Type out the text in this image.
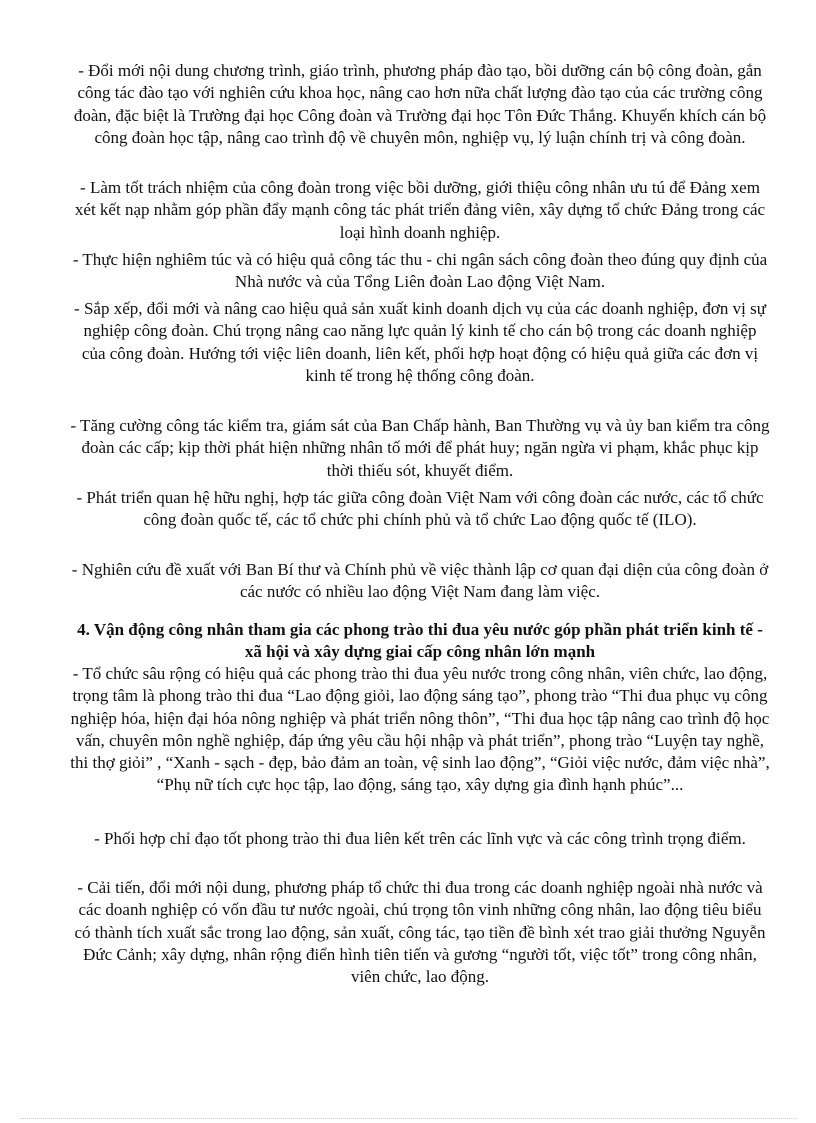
- Đổi mới nội dung chương trình, giáo trình, phương pháp đào tạo, bồi dưỡng cán bộ công đoàn, gắn công tác đào tạo với nghiên cứu khoa học, nâng cao hơn nữa chất lượng đào tạo của các trường công đoàn, đặc biệt là Trường đại học Công đoàn và Trường đại học Tôn Đức Thắng. Khuyến khích cán bộ công đoàn học tập, nâng cao trình độ về chuyên môn, nghiệp vụ, lý luận chính trị và công đoàn.

- Làm tốt trách nhiệm của công đoàn trong việc bồi dưỡng, giới thiệu công nhân ưu tú để Đảng xem xét kết nạp nhằm góp phần đẩy mạnh công tác phát triển đảng viên, xây dựng tổ chức Đảng trong các loại hình doanh nghiệp.

- Thực hiện nghiêm túc và có hiệu quả công tác thu - chi ngân sách công đoàn theo đúng quy định của Nhà nước và của Tổng Liên đoàn Lao động Việt Nam.

- Sắp xếp, đổi mới và nâng cao hiệu quả sản xuất kinh doanh dịch vụ của các doanh nghiệp, đơn vị sự nghiệp công đoàn. Chú trọng nâng cao năng lực quản lý kinh tế cho cán bộ trong các doanh nghiệp của công đoàn. Hướng tới việc liên doanh, liên kết, phối hợp hoạt động có hiệu quả giữa các đơn vị kinh tế trong hệ thống công đoàn.

- Tăng cường công tác kiểm tra, giám sát của Ban Chấp hành, Ban Thường vụ và ủy ban kiểm tra công đoàn các cấp; kịp thời phát hiện những nhân tố mới để phát huy; ngăn ngừa vi phạm, khắc phục kịp thời thiếu sót, khuyết điểm.

- Phát triển quan hệ hữu nghị, hợp tác giữa công đoàn Việt Nam với công đoàn các nước, các tổ chức công đoàn quốc tế, các tổ chức phi chính phủ và tổ chức Lao động quốc tế (ILO).

- Nghiên cứu đề xuất với Ban Bí thư và Chính phủ về việc thành lập cơ quan đại diện của công đoàn ở các nước có nhiều lao động Việt Nam đang làm việc.

4. Vận động công nhân tham gia các phong trào thi đua yêu nước góp phần phát triển kinh tế - xã hội và xây dựng giai cấp công nhân lớn mạnh

- Tổ chức sâu rộng có hiệu quả các phong trào thi đua yêu nước trong công nhân, viên chức, lao động, trọng tâm là phong trào thi đua “Lao động giỏi, lao động sáng tạo”, phong trào “Thi đua phục vụ công nghiệp hóa, hiện đại hóa nông nghiệp và phát triển nông thôn”, “Thi đua học tập nâng cao trình độ học vấn, chuyên môn nghề nghiệp, đáp ứng yêu cầu hội nhập và phát triển”, phong trào “Luyện tay nghề, thi thợ giỏi” , “Xanh - sạch - đẹp, bảo đảm an toàn, vệ sinh lao động”, “Giỏi việc nước, đảm việc nhà”, “Phụ nữ tích cực học tập, lao động, sáng tạo, xây dựng gia đình hạnh phúc”...

- Phối hợp chỉ đạo tốt phong trào thi đua liên kết trên các lĩnh vực và các công trình trọng điểm.

- Cải tiến, đổi mới nội dung, phương pháp tổ chức thi đua trong các doanh nghiệp ngoài nhà nước và các doanh nghiệp có vốn đầu tư nước ngoài, chú trọng tôn vinh những công nhân, lao động tiêu biểu có thành tích xuất sắc trong lao động, sản xuất, công tác, tạo tiền đề bình xét trao giải thưởng Nguyễn Đức Cảnh; xây dựng, nhân rộng điển hình tiên tiến và gương “người tốt, việc tốt” trong công nhân, viên chức, lao động.
